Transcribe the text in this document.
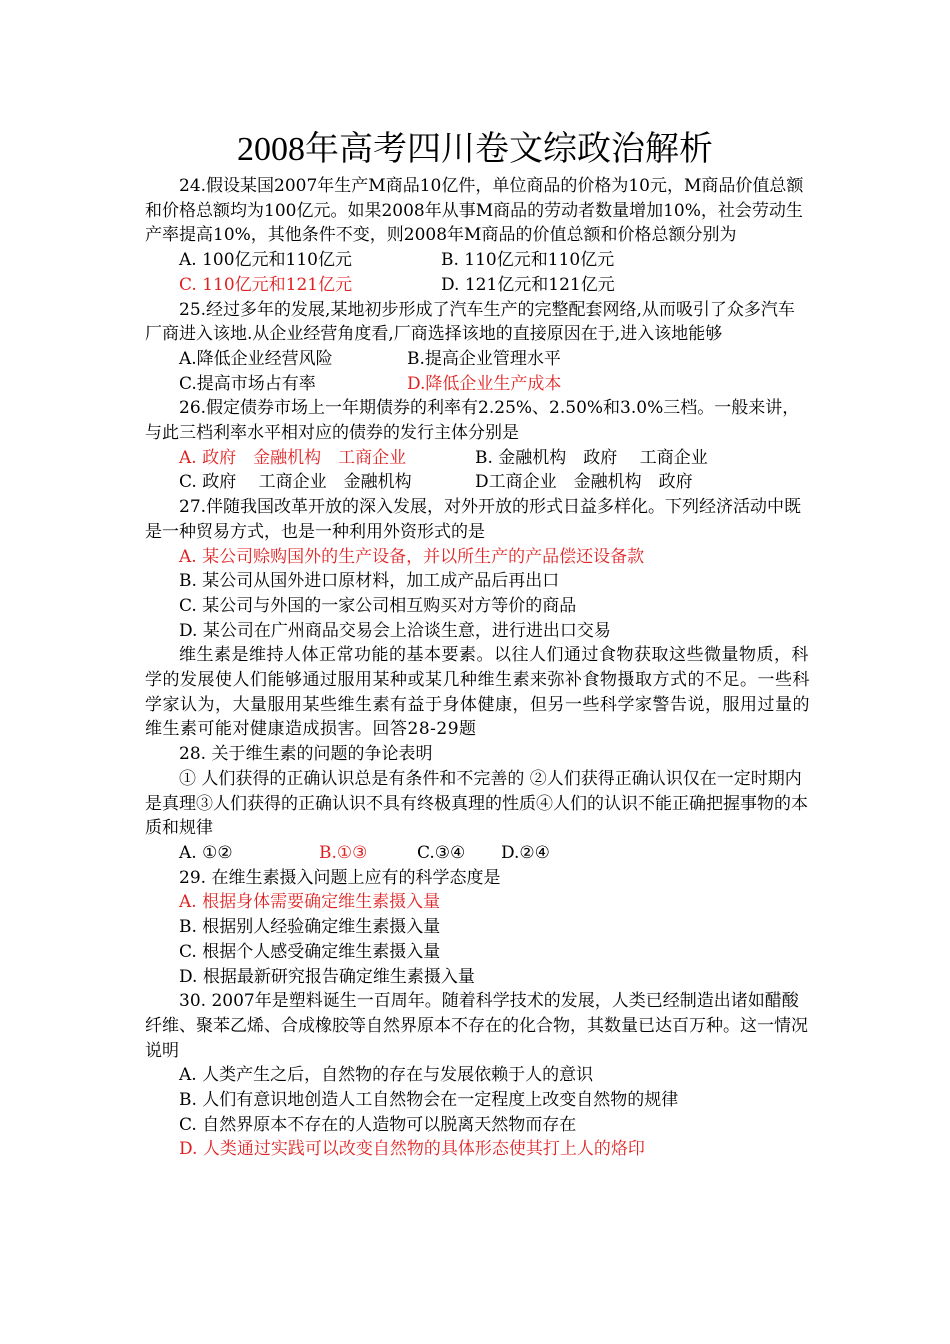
2008年高考四川卷文综政治解析

24.假设某国2007年生产M商品10亿件，单位商品的价格为10元，M商品价值总额和价格总额均为100亿元。如果2008年从事M商品的劳动者数量增加10%，社会劳动生产率提高10%，其他条件不变，则2008年M商品的价值总额和价格总额分别为

A. 100亿元和110亿元	B. 110亿元和110亿元
C. 110亿元和121亿元	D. 121亿元和121亿元

25.经过多年的发展,某地初步形成了汽车生产的完整配套网络,从而吸引了众多汽车厂商进入该地.从企业经营角度看,厂商选择该地的直接原因在于,进入该地能够

A.降低企业经营风险	B.提高企业管理水平
C.提高市场占有率	D.降低企业生产成本

26.假定债券市场上一年期债券的利率有2.25%、2.50%和3.0%三档。一般来讲，与此三档利率水平相对应的债券的发行主体分别是

A. 政府　金融机构　工商企业	B. 金融机构　政府　 工商企业
C. 政府　 工商企业　金融机构	D工商企业　金融机构　政府

27.伴随我国改革开放的深入发展，对外开放的形式日益多样化。下列经济活动中既是一种贸易方式，也是一种利用外资形式的是

A. 某公司赊购国外的生产设备，并以所生产的产品偿还设备款

B. 某公司从国外进口原材料，加工成产品后再出口

C. 某公司与外国的一家公司相互购买对方等价的商品

D. 某公司在广州商品交易会上洽谈生意，进行进出口交易

维生素是维持人体正常功能的基本要素。以往人们通过食物获取这些微量物质，科学的发展使人们能够通过服用某种或某几种维生素来弥补食物摄取方式的不足。一些科学家认为，大量服用某些维生素有益于身体健康，但另一些科学家警告说，服用过量的维生素可能对健康造成损害。回答28-29题

28. 关于维生素的问题的争论表明

① 人们获得的正确认识总是有条件和不完善的 ②人们获得正确认识仅在一定时期内是真理③人们获得的正确认识不具有终极真理的性质④人们的认识不能正确把握事物的本质和规律

A. ①②	B.①③	C.③④ D.②④

29. 在维生素摄入问题上应有的科学态度是

A. 根据身体需要确定维生素摄入量

B. 根据别人经验确定维生素摄入量

C. 根据个人感受确定维生素摄入量

D. 根据最新研究报告确定维生素摄入量

30. 2007年是塑料诞生一百周年。随着科学技术的发展，人类已经制造出诸如醋酸纤维、聚苯乙烯、合成橡胶等自然界原本不存在的化合物，其数量已达百万种。这一情况说明

A. 人类产生之后，自然物的存在与发展依赖于人的意识

B. 人们有意识地创造人工自然物会在一定程度上改变自然物的规律

C. 自然界原本不存在的人造物可以脱离天然物而存在

D. 人类通过实践可以改变自然物的具体形态使其打上人的烙印
